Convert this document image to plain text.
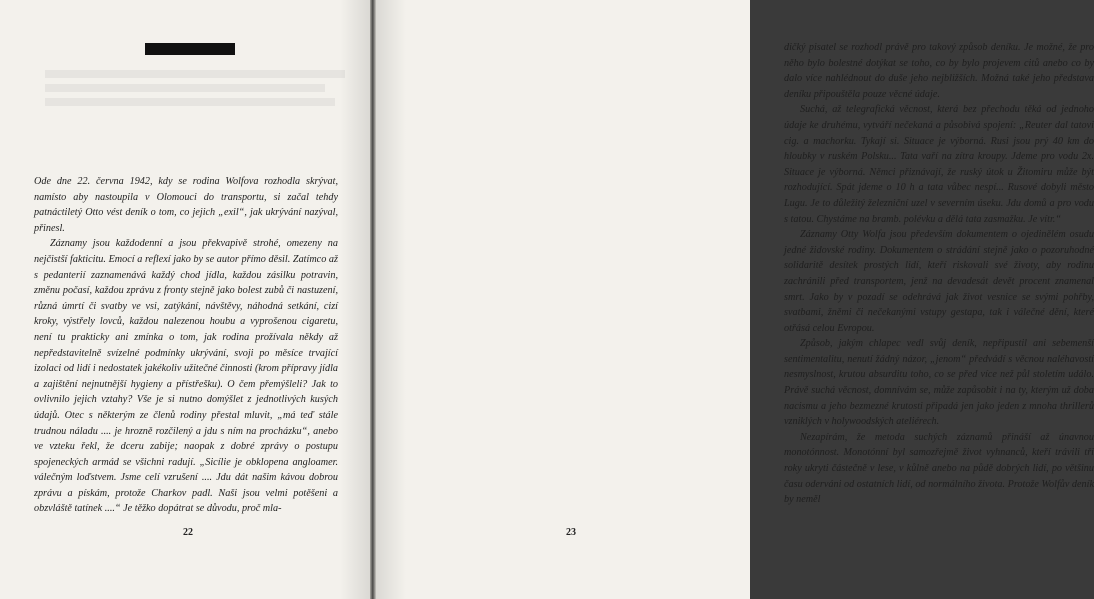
Ode dne 22. června 1942, kdy se rodina Wolfova rozhodla skrývat, namísto aby nastoupila v Olomouci do transportu, si začal tehdy patnáctiletý Otto vést deník o tom, co jejich „exil“, jak ukrývání nazýval, přinesl.

Záznamy jsou každodenní a jsou překvapivě strohé, omezeny na nejčistší fakticitu. Emocí a reflexí jako by se autor přímo děsil. Zatímco až s pedanterií zaznamenává každý chod jídla, každou zásilku potravin, změnu počasí, každou zprávu z fronty stejně jako bolest zubů či nastuzení, různá úmrtí či svatby ve vsi, zatýkání, návštěvy, náhodná setkání, cizí kroky, výstřely lovců, každou nalezenou houbu a vyprošenou cigaretu, není tu prakticky ani zmínka o tom, jak rodina prožívala někdy až nepředstavitelně svízelné podmínky ukrývání, svoji po měsíce trvající izolaci od lidí i nedostatek jakékoliv užitečné činnosti (krom přípravy jídla a zajištění nejnutnější hygieny a přístřešku). O čem přemýšleli? Jak to ovlivnilo jejich vztahy? Vše je si nutno domýšlet z jednotlivých kusých údajů. Otec s některým ze členů rodiny přestal mluvit, „má teď stále trudnou náladu .... je hrozně rozčilený a jdu s ním na procházku“, anebo ve vzteku řekl, že dceru zabije; naopak z dobré zprávy o postupu spojeneckých armád se všichni radují. „Sicílie je obklopena angloamer. válečným loďstvem. Jsme celí vzrušení .... Jdu dát našim kávou dobrou zprávu a pískám, protože Charkov padl. Naši jsou velmi potěšeni a obzvláště tatínek ....“ Je těžko dopátrat se důvodu, proč mla-

22

dičký pisatel se rozhodl právě pro takový způsob deníku. Je možné, že pro něho bylo bolestné dotýkat se toho, co by bylo projevem citů anebo co by dalo více nahlédnout do duše jeho nejbližších. Možná také jeho představa deníku připouštěla pouze věcné údaje.

Suchá, až telegrafická věcnost, která bez přechodu těká od jednoho údaje ke druhému, vytváří nečekaná a působivá spojení: „Reuter dal tatovi cig. a machorku. Tykají si. Situace je výborná. Rusi jsou prý 40 km do hloubky v ruském Polsku... Tata vaří na zítra kroupy. Jdeme pro vodu 2x. Situace je výborná. Němci přiznávají, že ruský útok u Žitomiru může být rozhodující. Spát jdeme o 10 h a tata vůbec nespí... Rusové dobyli město Lugu. Je to důležitý železniční uzel v severním úseku. Jdu domů a pro vodu s tatou. Chystáme na bramb. polévku a dělá tata zasmažku. Je vítr.“

Záznamy Otty Wolfa jsou především dokumentem o ojedinělém osudu jedné židovské rodiny. Dokumentem o strádání stejně jako o pozoruhodné solidaritě desítek prostých lidí, kteří riskovali své životy, aby rodinu zachránili před transportem, jenž na devadesát devět procent znamenal smrt. Jako by v pozadí se odehrává jak život vesnice se svými pohřby, svatbami, žněmi či nečekanými vstupy gestapa, tak i válečné dění, které otřásá celou Evropou.

Způsob, jakým chlapec vedl svůj deník, nepřipustil ani sebemenší sentimentalitu, nenutí žádný názor, „jenom“ předvádí s věcnou naléhavostí nesmyslnost, krutou absurditu toho, co se před více než půl stoletím událo. Právě suchá věcnost, domnívám se, může zapůsobit i na ty, kterým už doba nacismu a jeho bezmezné krutosti připadá jen jako jeden z mnoha thrillerů vzniklých v holywoodských ateliérech.

Nezapírám, že metoda suchých záznamů přináší až únavnou monotónnost. Monotónní byl samozřejmě život vyhnanců, kteří trávili tři roky ukryti částečně v lese, v kůlně anebo na půdě dobrých lidí, po většinu času oderváni od ostatních lidí, od normálního života. Protože Wolfův deník by neměl

23
